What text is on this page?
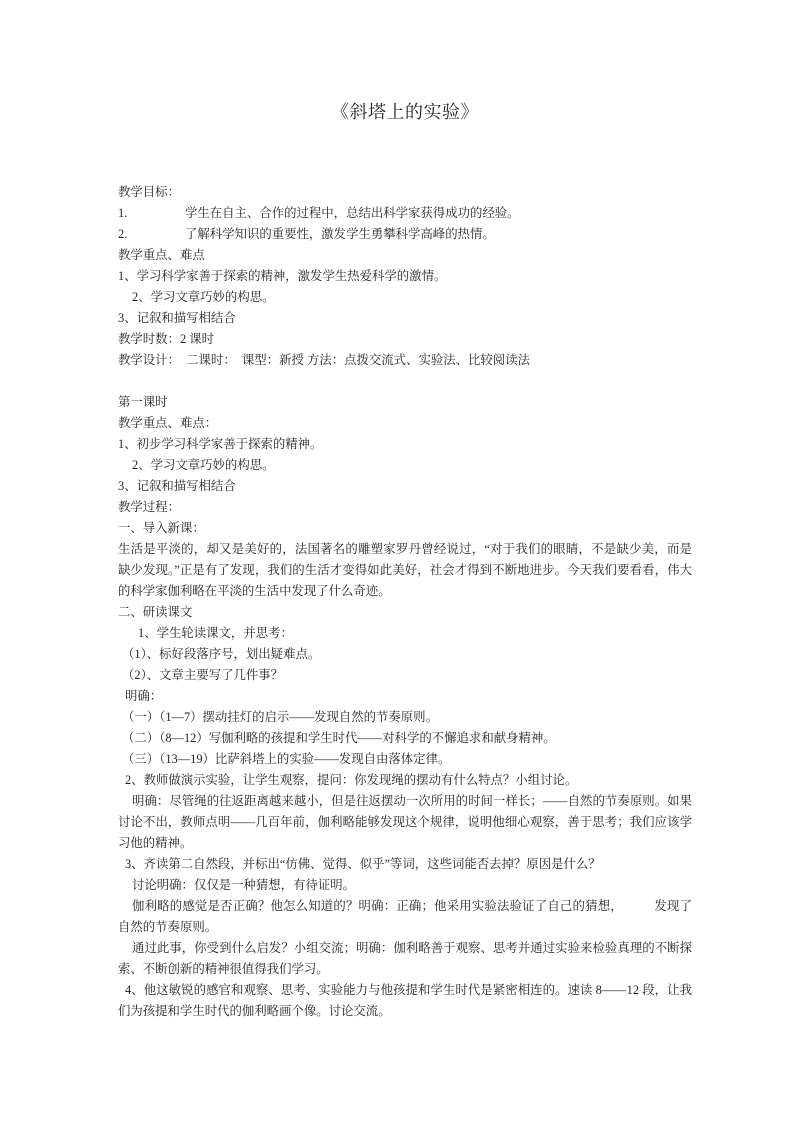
《斜塔上的实验》

教学目标：

1.	学生在自主、合作的过程中，总结出科学家获得成功的经验。

2.	了解科学知识的重要性，激发学生勇攀科学高峰的热情。

教学重点、难点

1、学习科学家善于探索的精神，激发学生热爱科学的激情。

2、学习文章巧妙的构思。

3、记叙和描写相结合

教学时数：2 课时

教学设计：　二课时：　课型：新授 方法：点拨交流式、实验法、比较阅读法

第一课时

教学重点、难点：

1、初步学习科学家善于探索的精神。

2、学习文章巧妙的构思。

3、记叙和描写相结合

教学过程：

一、导入新课：

生活是平淡的，却又是美好的，法国著名的雕塑家罗丹曾经说过，“对于我们的眼睛，不是缺少美，而是缺少发现。”正是有了发现，我们的生活才变得如此美好，社会才得到不断地进步。今天我们要看看，伟大的科学家伽利略在平淡的生活中发现了什么奇迹。

二、研读课文

1、学生轮读课文，并思考：

（1）、标好段落序号，划出疑难点。

（2）、文章主要写了几件事？

明确：

（一）（1—7）摆动挂灯的启示——发现自然的节奏原则。

（二）（8—12）写伽利略的孩提和学生时代——对科学的不懈追求和献身精神。

（三）（13—19）比萨斜塔上的实验——发现自由落体定律。

2、教师做演示实验，让学生观察，提问：你发现绳的摆动有什么特点？小组讨论。

明确：尽管绳的往返距离越来越小，但是往返摆动一次所用的时间一样长；——自然的节奏原则。如果讨论不出，教师点明——几百年前，伽利略能够发现这个规律，说明他细心观察，善于思考；我们应该学习他的精神。

3、齐读第二自然段，并标出“仿佛、觉得、似乎”等词，这些词能否去掉？原因是什么？

讨论明确：仅仅是一种猜想，有待证明。

伽利略的感觉是否正确？他怎么知道的？明确：正确；他采用实验法验证了自己的猜想，　　　发现了自然的节奏原则。

通过此事，你受到什么启发？小组交流；明确：伽利略善于观察、思考并通过实验来检验真理的不断探索、不断创新的精神很值得我们学习。

4、他这敏锐的感官和观察、思考、实验能力与他孩提和学生时代是紧密相连的。速读 8——12 段，让我们为孩提和学生时代的伽利略画个像。讨论交流。
